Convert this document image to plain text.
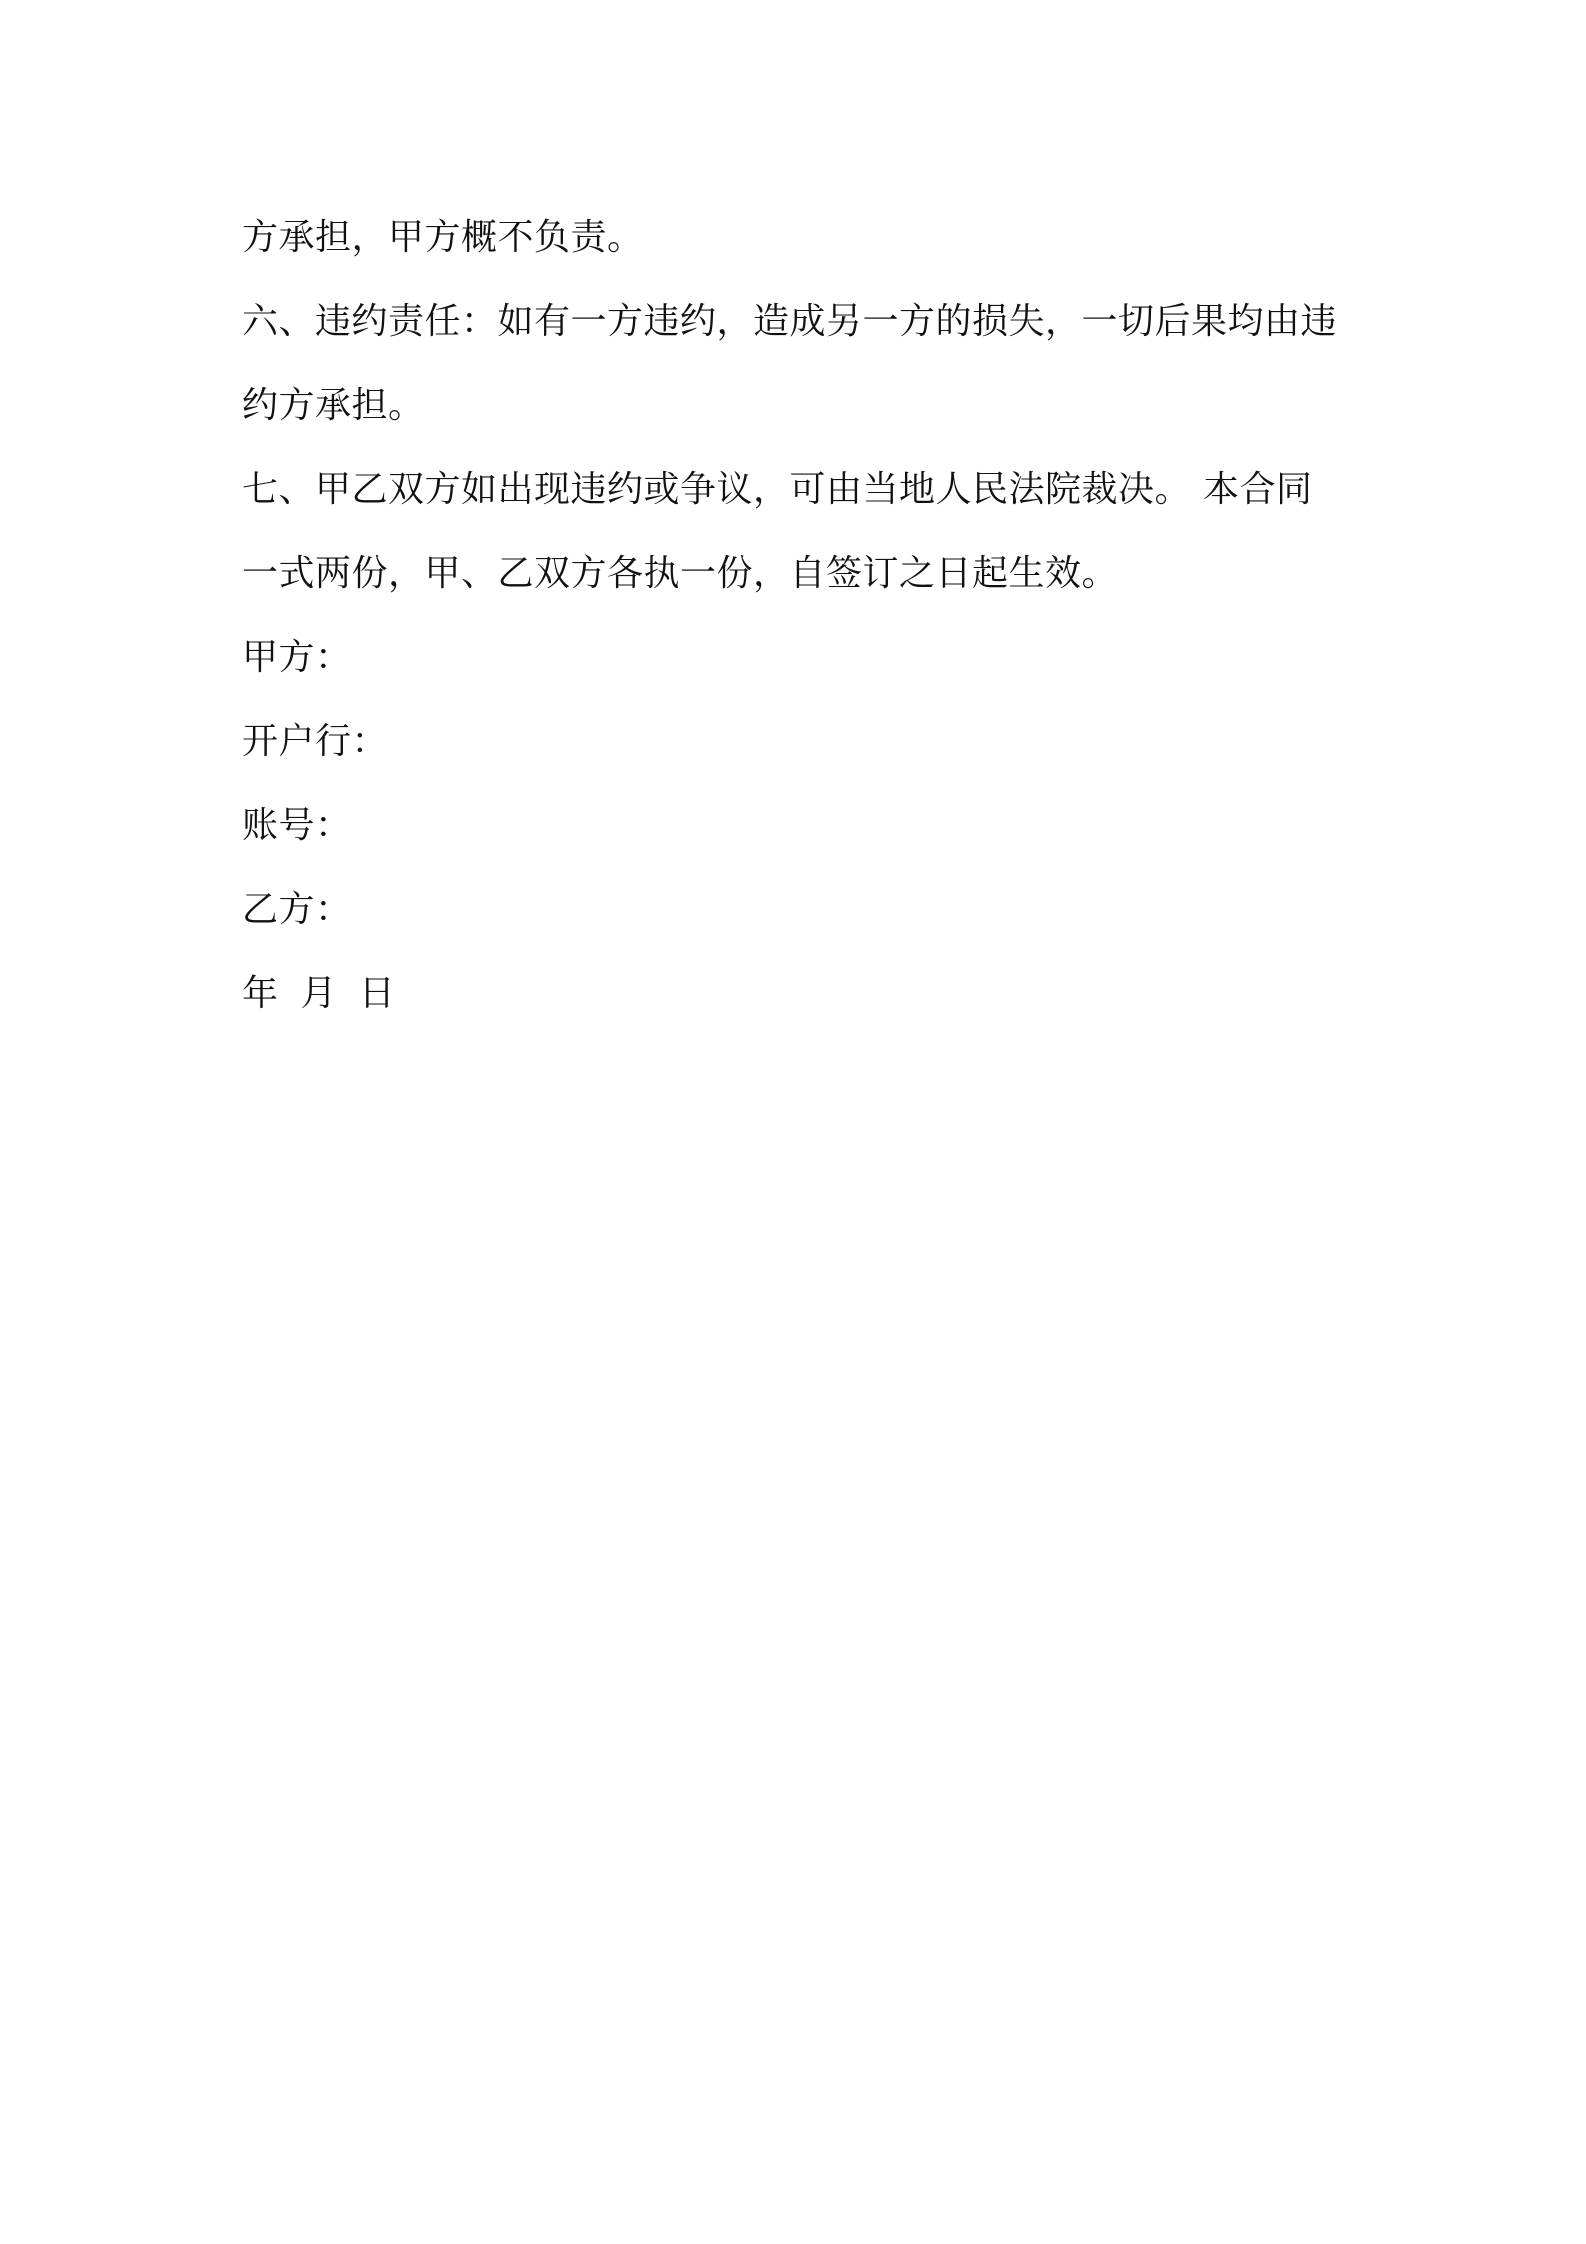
方承担，甲方概不负责。
六、违约责任：如有一方违约，造成另一方的损失，一切后果均由违
约方承担。
七、甲乙双方如出现违约或争议，可由当地人民法院裁决。 本合同
一式两份，甲、乙双方各执一份，自签订之日起生效。
甲方：
开户行：
账号：
乙方：
年 月 日
